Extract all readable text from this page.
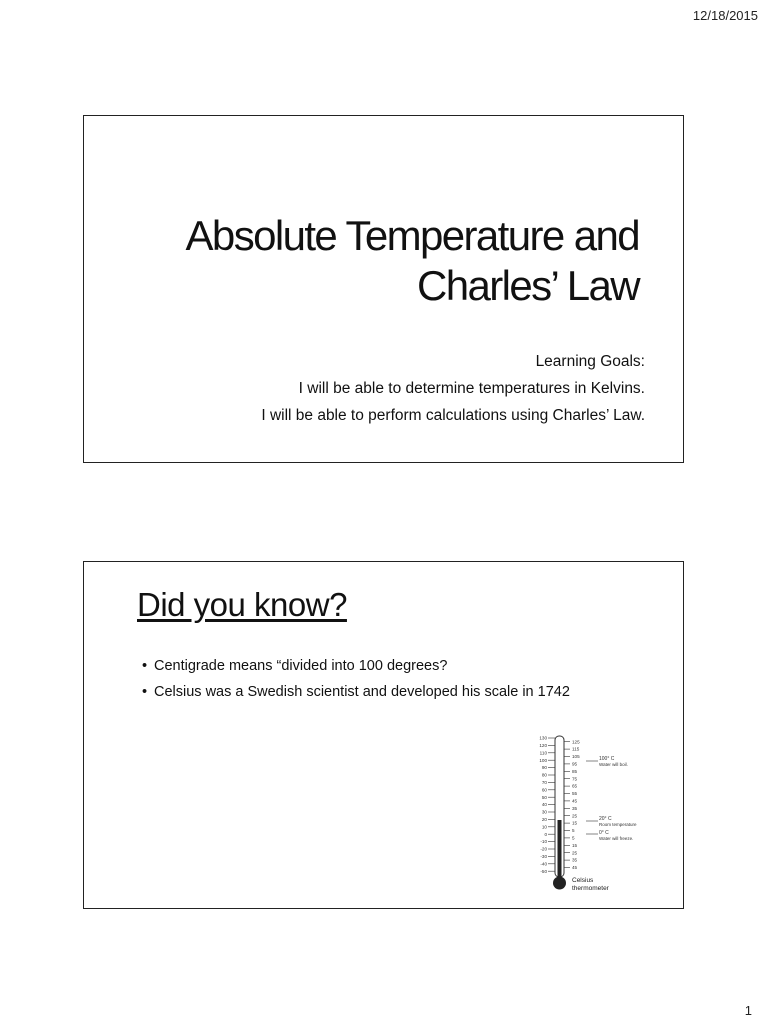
12/18/2015
Absolute Temperature and
Charles’ Law
Learning Goals:
I will be able to determine temperatures in Kelvins.
I will be able to perform calculations using Charles’ Law.
Did you know?
• Centigrade means “divided into 100 degrees?
• Celsius was a Swedish scientist and developed his scale in 1742
130
120
110
100
90
80
70
60
50
40
30
20
10
0
-10
-20
-30
-40
-50
125
115
105
95
85
75
65
55
45
35
25
15
5
5
15
25
35
45
100° C
Water will boil.
20° C
Room temperature
0° C
Water will freeze.
Celsius
thermometer
1
